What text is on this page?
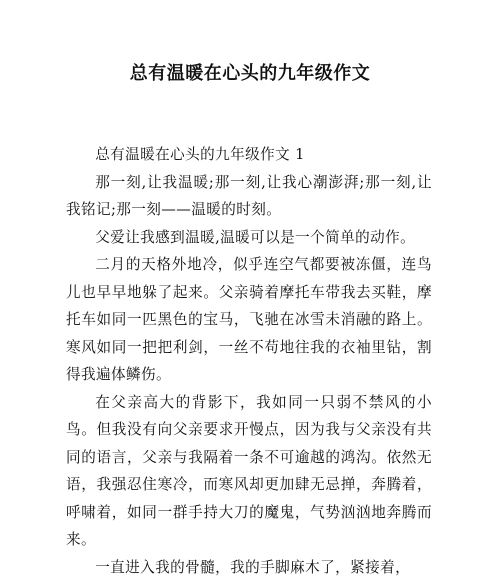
总有温暖在心头的九年级作文

总有温暖在心头的九年级作文 1

那一刻,让我温暖;那一刻,让我心潮澎湃;那一刻,让我铭记;那一刻——温暖的时刻。

父爱让我感到温暖,温暖可以是一个简单的动作。

二月的天格外地冷，似乎连空气都要被冻僵，连鸟儿也早早地躲了起来。父亲骑着摩托车带我去买鞋，摩托车如同一匹黑色的宝马，飞驰在冰雪未消融的路上。寒风如同一把把利剑，一丝不苟地往我的衣袖里钻，割得我遍体鳞伤。

在父亲高大的背影下，我如同一只弱不禁风的小鸟。但我没有向父亲要求开慢点，因为我与父亲没有共同的语言，父亲与我隔着一条不可逾越的鸿沟。依然无语，我强忍住寒冷，而寒风却更加肆无忌掸，奔腾着，呼啸着，如同一群手持大刀的魔鬼，气势汹汹地奔腾而来。

一直进入我的骨髓，我的手脚麻木了，紧接着，
